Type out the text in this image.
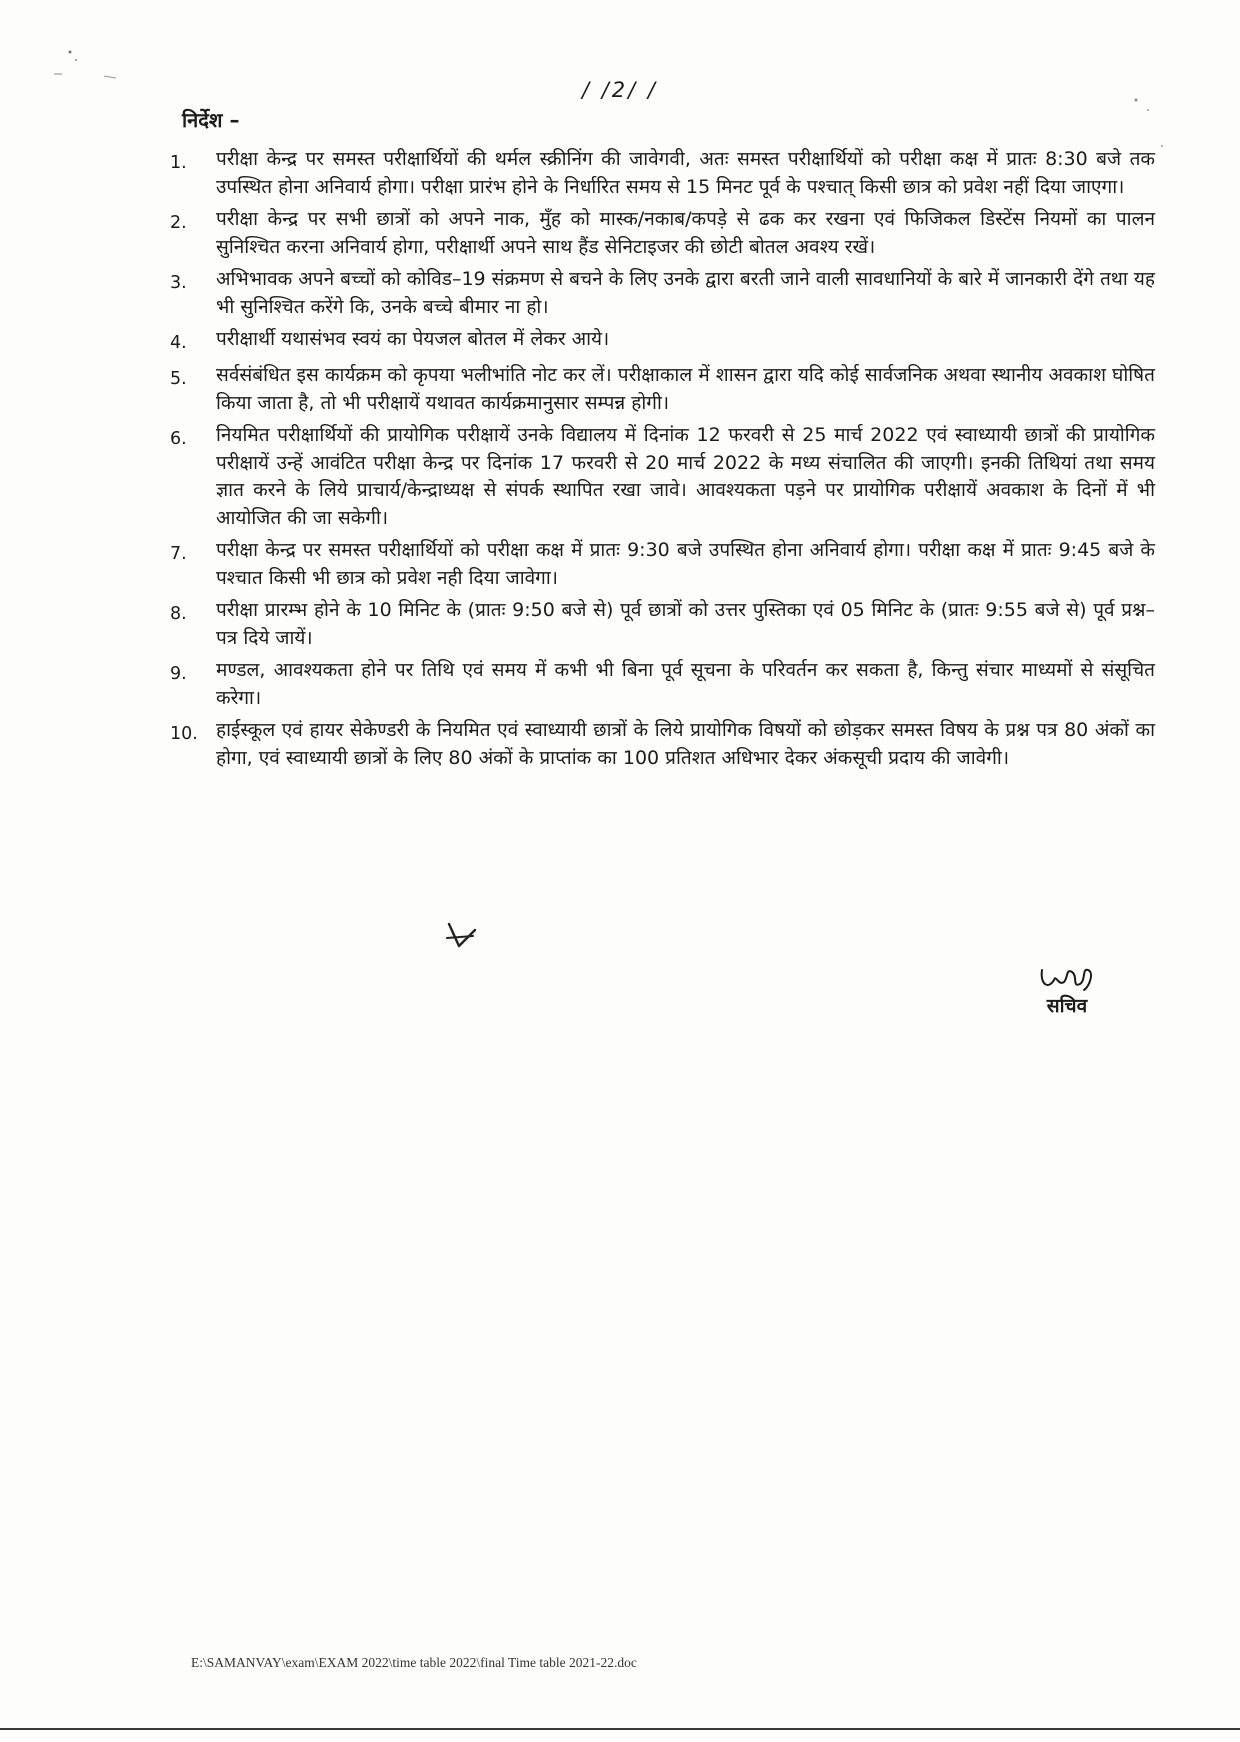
/ /2/ /
निर्देश –
1.	परीक्षा केन्द्र पर समस्त परीक्षार्थियों की थर्मल स्क्रीनिंग की जावेगवी, अतः समस्त परीक्षार्थियों को परीक्षा कक्ष में प्रातः 8:30 बजे तक उपस्थित होना अनिवार्य होगा। परीक्षा प्रारंभ होने के निर्धारित समय से 15 मिनट पूर्व के पश्चात् किसी छात्र को प्रवेश नहीं दिया जाएगा।
2.	परीक्षा केन्द्र पर सभी छात्रों को अपने नाक, मुँह को मास्क/नकाब/कपड़े से ढक कर रखना एवं फिजिकल डिस्टेंस नियमों का पालन सुनिश्चित करना अनिवार्य होगा, परीक्षार्थी अपने साथ हैंड सेनिटाइजर की छोटी बोतल अवश्य रखें।
3.	अभिभावक अपने बच्चों को कोविड–19 संक्रमण से बचने के लिए उनके द्वारा बरती जाने वाली सावधानियों के बारे में जानकारी देंगे तथा यह भी सुनिश्चित करेंगे कि, उनके बच्चे बीमार ना हो।
4.	परीक्षार्थी यथासंभव स्वयं का पेयजल बोतल में लेकर आये।
5.	सर्वसंबंधित इस कार्यक्रम को कृपया भलीभांति नोट कर लें। परीक्षाकाल में शासन द्वारा यदि कोई सार्वजनिक अथवा स्थानीय अवकाश घोषित किया जाता है, तो भी परीक्षायें यथावत कार्यक्रमानुसार सम्पन्न होगी।
6.	नियमित परीक्षार्थियों की प्रायोगिक परीक्षायें उनके विद्यालय में दिनांक 12 फरवरी से 25 मार्च 2022 एवं स्वाध्यायी छात्रों की प्रायोगिक परीक्षायें उन्हें आवंटित परीक्षा केन्द्र पर दिनांक 17 फरवरी से 20 मार्च 2022 के मध्य संचालित की जाएगी। इनकी तिथियां तथा समय ज्ञात करने के लिये प्राचार्य/केन्द्राध्यक्ष से संपर्क स्थापित रखा जावे। आवश्यकता पड़ने पर प्रायोगिक परीक्षायें अवकाश के दिनों में भी आयोजित की जा सकेगी।
7.	परीक्षा केन्द्र पर समस्त परीक्षार्थियों को परीक्षा कक्ष में प्रातः 9:30 बजे उपस्थित होना अनिवार्य होगा। परीक्षा कक्ष में प्रातः 9:45 बजे के पश्चात किसी भी छात्र को प्रवेश नही दिया जावेगा।
8.	परीक्षा प्रारम्भ होने के 10 मिनिट के (प्रातः 9:50 बजे से) पूर्व छात्रों को उत्तर पुस्तिका एवं 05 मिनिट के (प्रातः 9:55 बजे से) पूर्व प्रश्न–पत्र दिये जायें।
9.	मण्डल, आवश्यकता होने पर तिथि एवं समय में कभी भी बिना पूर्व सूचना के परिवर्तन कर सकता है, किन्तु संचार माध्यमों से संसूचित करेगा।
10. हाईस्कूल एवं हायर सेकेण्डरी के नियमित एवं स्वाध्यायी छात्रों के लिये प्रायोगिक विषयों को छोड़कर समस्त विषय के प्रश्न पत्र 80 अंकों का होगा, एवं स्वाध्यायी छात्रों के लिए 80 अंकों के प्राप्तांक का 100 प्रतिशत अधिभार देकर अंकसूची प्रदाय की जावेगी।
सचिव
E:\SAMANVAY\exam\EXAM 2022\time table 2022\final Time table 2021-22.doc
